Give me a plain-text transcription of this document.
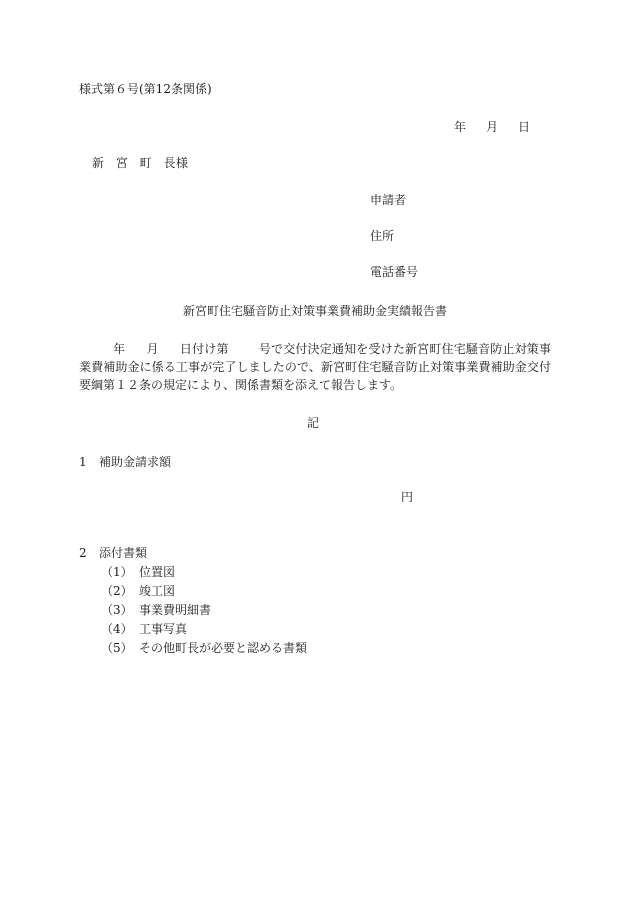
様式第６号(第12条関係)
年 月 日
新 宮 町 長
様
申請者
住所
電話番号
新宮町住宅騒音防止対策事業費補助金実績報告書
年 月 日付け第	号で交付決定通知を受けた新宮町住宅騒音防止対策事業費補助金に係る工事が完了しましたので、新宮町住宅騒音防止対策事業費補助金交付要綱第１２条の規定により、関係書類を添えて報告します。
記
1 補助金請求額
円
2 添付書類
（1） 位置図
（2） 竣工図
（3） 事業費明細書
（4） 工事写真
（5） その他町長が必要と認める書類
